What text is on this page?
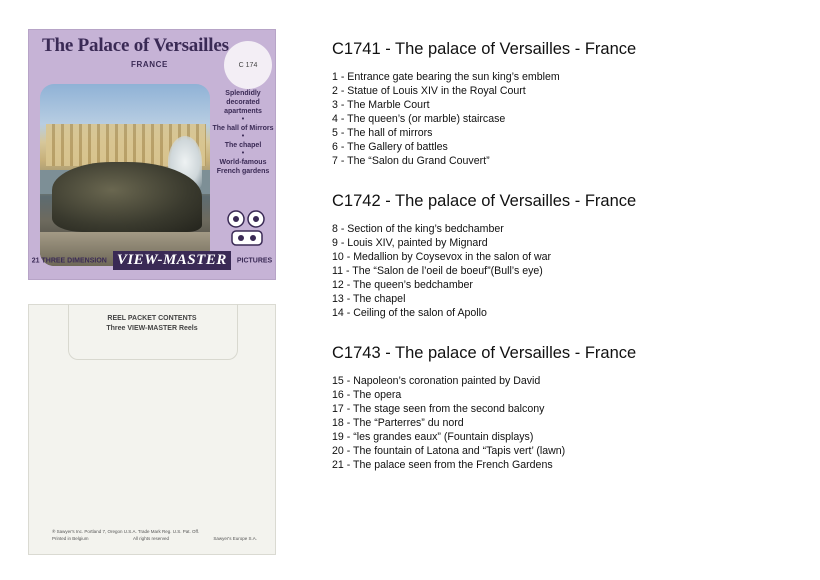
The Palace of Versailles
FRANCE	C 174
Splendidly decorated apartments
•
The hall of Mirrors
•
The chapel
•
World-famous French gardens
21 THREE DIMENSION VIEW-MASTER PICTURES
REEL PACKET CONTENTS
Three VIEW-MASTER Reels
® Sawyer's Inc. Portland 7, Oregon U.S.A. Trade Mark Reg. U.S. Pat. Off.
Printed in Belgium	All rights reserved	Sawyer's Europe S.A.
C1741 - The palace of Versailles - France
1 - Entrance gate bearing the sun king’s emblem
2 - Statue of Louis XIV in the Royal Court
3 - The Marble Court
4 - The queen’s (or marble) staircase
5 - The hall of mirrors
6 - The Gallery of battles
7 - The “Salon du Grand Couvert”
C1742 - The palace of Versailles - France
8 - Section of the king’s bedchamber
9 - Louis XIV, painted by Mignard
10 - Medallion by Coysevox in the salon of war
11 - The “Salon de l’oeil de boeuf”(Bull’s eye)
12 - The queen’s bedchamber
13 - The chapel
14 - Ceiling of the salon of Apollo
C1743 - The palace of Versailles - France
15 - Napoleon’s coronation painted by David
16 - The opera
17 - The stage seen from the second balcony
18 - The “Parterres” du nord
19 - “les grandes eaux” (Fountain displays)
20 - The fountain of Latona and “Tapis vert’ (lawn)
21 - The palace seen from the French Gardens
